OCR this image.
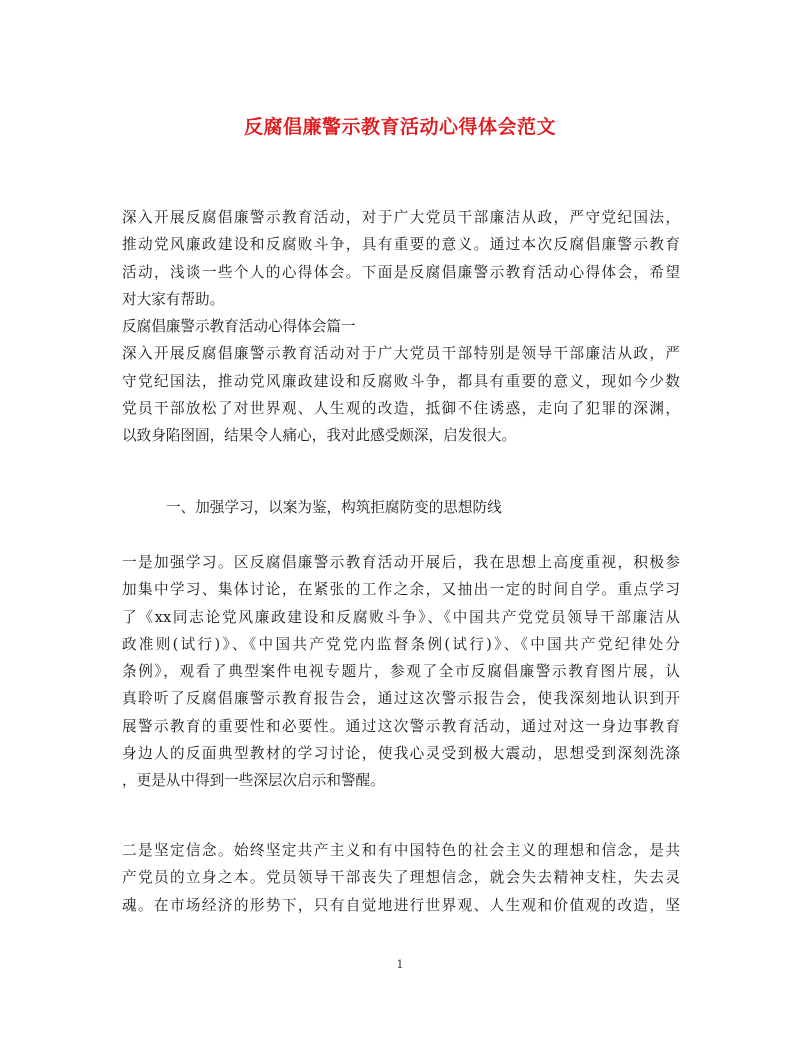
反腐倡廉警示教育活动心得体会范文
深入开展反腐倡廉警示教育活动，对于广大党员干部廉洁从政，严守党纪国法，
推动党风廉政建设和反腐败斗争，具有重要的意义。通过本次反腐倡廉警示教育
活动，浅谈一些个人的心得体会。下面是反腐倡廉警示教育活动心得体会，希望
对大家有帮助。
反腐倡廉警示教育活动心得体会篇一
深入开展反腐倡廉警示教育活动对于广大党员干部特别是领导干部廉洁从政，严
守党纪国法，推动党风廉政建设和反腐败斗争，都具有重要的意义，现如今少数
党员干部放松了对世界观、人生观的改造，抵御不住诱惑，走向了犯罪的深渊，
以致身陷囹圄，结果令人痛心，我对此感受颇深，启发很大。
一、加强学习，以案为鉴，构筑拒腐防变的思想防线
一是加强学习。区反腐倡廉警示教育活动开展后，我在思想上高度重视，积极参
加集中学习、集体讨论，在紧张的工作之余，又抽出一定的时间自学。重点学习
了《xx同志论党风廉政建设和反腐败斗争》、《中国共产党党员领导干部廉洁从
政准则(试行)》、《中国共产党党内监督条例(试行)》、《中国共产党纪律处分
条例》，观看了典型案件电视专题片，参观了全市反腐倡廉警示教育图片展，认
真聆听了反腐倡廉警示教育报告会，通过这次警示报告会，使我深刻地认识到开
展警示教育的重要性和必要性。通过这次警示教育活动，通过对这一身边事教育
身边人的反面典型教材的学习讨论，使我心灵受到极大震动，思想受到深刻洗涤
，更是从中得到一些深层次启示和警醒。
二是坚定信念。始终坚定共产主义和有中国特色的社会主义的理想和信念，是共
产党员的立身之本。党员领导干部丧失了理想信念，就会失去精神支柱，失去灵
魂。在市场经济的形势下，只有自觉地进行世界观、人生观和价值观的改造，坚
1
